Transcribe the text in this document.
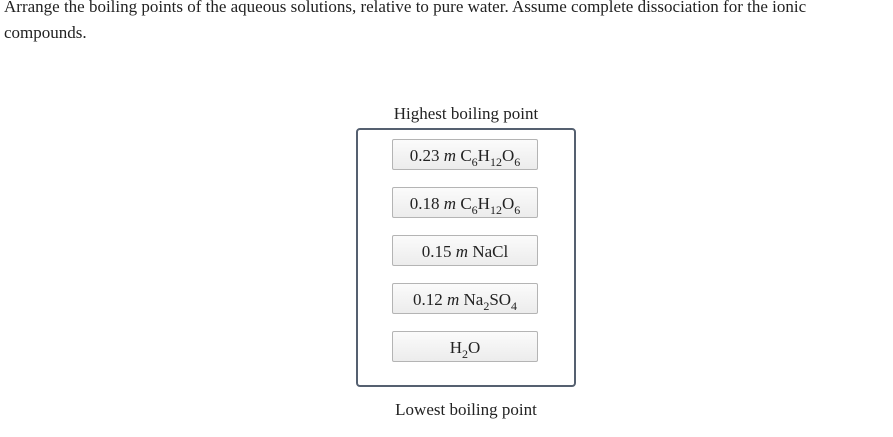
Arrange the boiling points of the aqueous solutions, relative to pure water. Assume complete dissociation for the ionic compounds.

Highest boiling point
0.23 m $C_6H_{12}O_6$
0.18 m $C_6H_{12}O_6$
0.15 m NaCl
0.12 m $Na_2SO_4$
$H_2O$
Lowest boiling point
